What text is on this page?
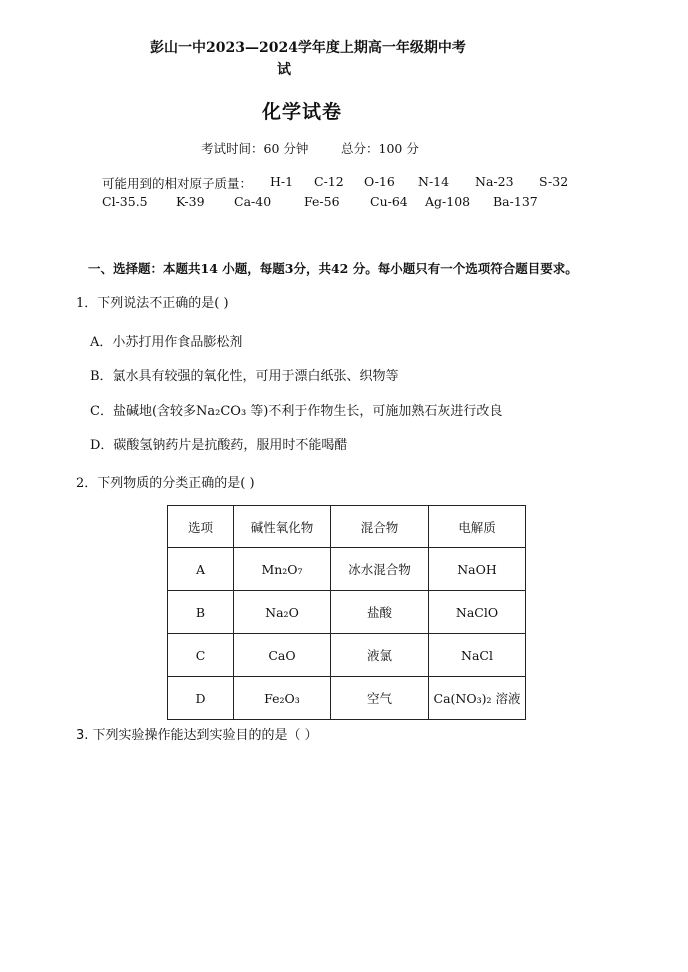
彭山一中2023—2024学年度上期高一年级期中考
试
化学试卷
考试时间：60 分钟	总分：100 分
可能用到的相对原子质量： H-1 C-12 O-16 N-14 Na-23 S-32
Cl-35.5 K-39 Ca-40	Fe-56 Cu-64 Ag-108 Ba-137
一、选择题：本题共14 小题，每题3分，共42 分。每小题只有一个选项符合题目要求。
1．下列说法不正确的是( )
A．小苏打用作食品膨松剂
B．氯水具有较强的氧化性，可用于漂白纸张、织物等
C．盐碱地(含较多Na₂CO₃ 等)不利于作物生长，可施加熟石灰进行改良
D．碳酸氢钠药片是抗酸药，服用时不能喝醋
2．下列物质的分类正确的是( )
选项	碱性氧化物	混合物	电解质
A	Mn₂O₇	冰水混合物	NaOH
B	Na₂O	盐酸	NaClO
C	CaO	液氯	NaCl
D	Fe₂O₃	空气	Ca(NO₃)₂ 溶液
3. 下列实验操作能达到实验目的的是（ ）
